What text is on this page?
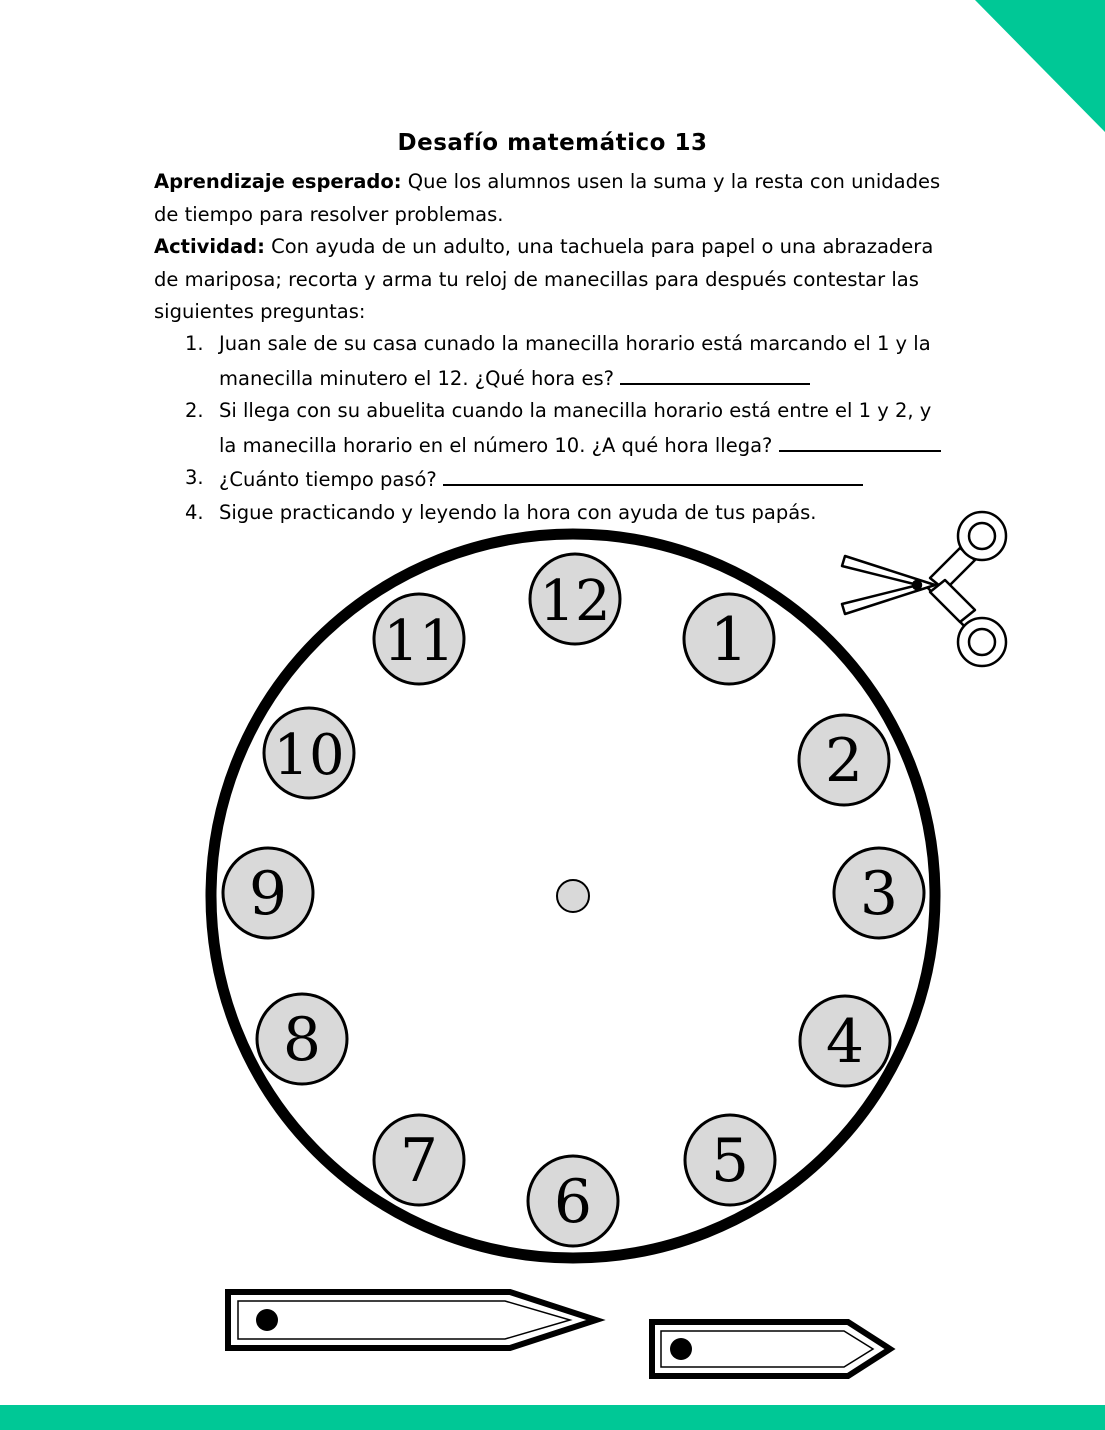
Desafío matemático 13

Aprendizaje esperado: Que los alumnos usen la suma y la resta con unidades

de tiempo para resolver problemas.

Actividad: Con ayuda de un adulto, una tachuela para papel o una abrazadera

de mariposa; recorta y arma tu reloj de manecillas para después contestar las

siguientes preguntas:

1. Juan sale de su casa cunado la manecilla horario está marcando el 1 y la
manecilla minutero el 12. ¿Qué hora es?
2. Si llega con su abuelita cuando la manecilla horario está entre el 1 y 2, y
la manecilla horario en el número 10. ¿A qué hora llega?
3. ¿Cuánto tiempo pasó?
4. Sigue practicando y leyendo la hora con ayuda de tus papás.
12
1
2
3
4
5
6
7
8
9
10
11
